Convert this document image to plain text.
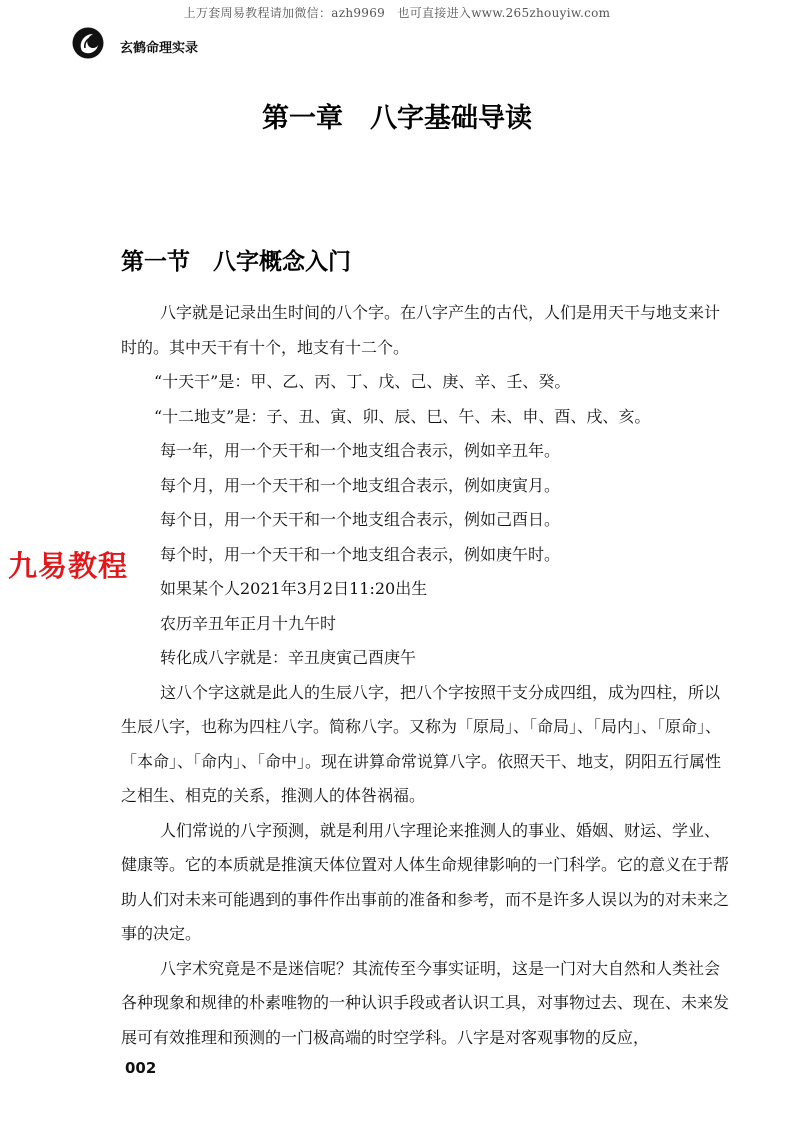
上万套周易教程请加微信：azh9969　也可直接进入www.265zhouyiw.com
玄鹤命理实录
第一章　八字基础导读
第一节　八字概念入门
九易教程

八字就是记录出生时间的八个字。在八字产生的古代，人们是用天干与地支来计时的。其中天干有十个，地支有十二个。

“十天干”是：甲、乙、丙、丁、戊、己、庚、辛、壬、癸。

“十二地支”是：子、丑、寅、卯、辰、巳、午、未、申、酉、戌、亥。

每一年，用一个天干和一个地支组合表示，例如辛丑年。

每个月，用一个天干和一个地支组合表示，例如庚寅月。

每个日，用一个天干和一个地支组合表示，例如己酉日。

每个时，用一个天干和一个地支组合表示，例如庚午时。

如果某个人2021年3月2日11:20出生

农历辛丑年正月十九午时

转化成八字就是：辛丑庚寅己酉庚午

这八个字这就是此人的生辰八字，把八个字按照干支分成四组，成为四柱，所以生辰八字，也称为四柱八字。简称八字。又称为「原局」、「命局」、「局内」、「原命」、「本命」、「命内」、「命中」。现在讲算命常说算八字。依照天干、地支，阴阳五行属性之相生、相克的关系，推测人的体咎祸福。

人们常说的八字预测，就是利用八字理论来推测人的事业、婚姻、财运、学业、健康等。它的本质就是推演天体位置对人体生命规律影响的一门科学。它的意义在于帮助人们对未来可能遇到的事件作出事前的准备和参考，而不是许多人误以为的对未来之事的决定。

八字术究竟是不是迷信呢？其流传至今事实证明，这是一门对大自然和人类社会各种现象和规律的朴素唯物的一种认识手段或者认识工具，对事物过去、现在、未来发展可有效推理和预测的一门极高端的时空学科。八字是对客观事物的反应，

002
